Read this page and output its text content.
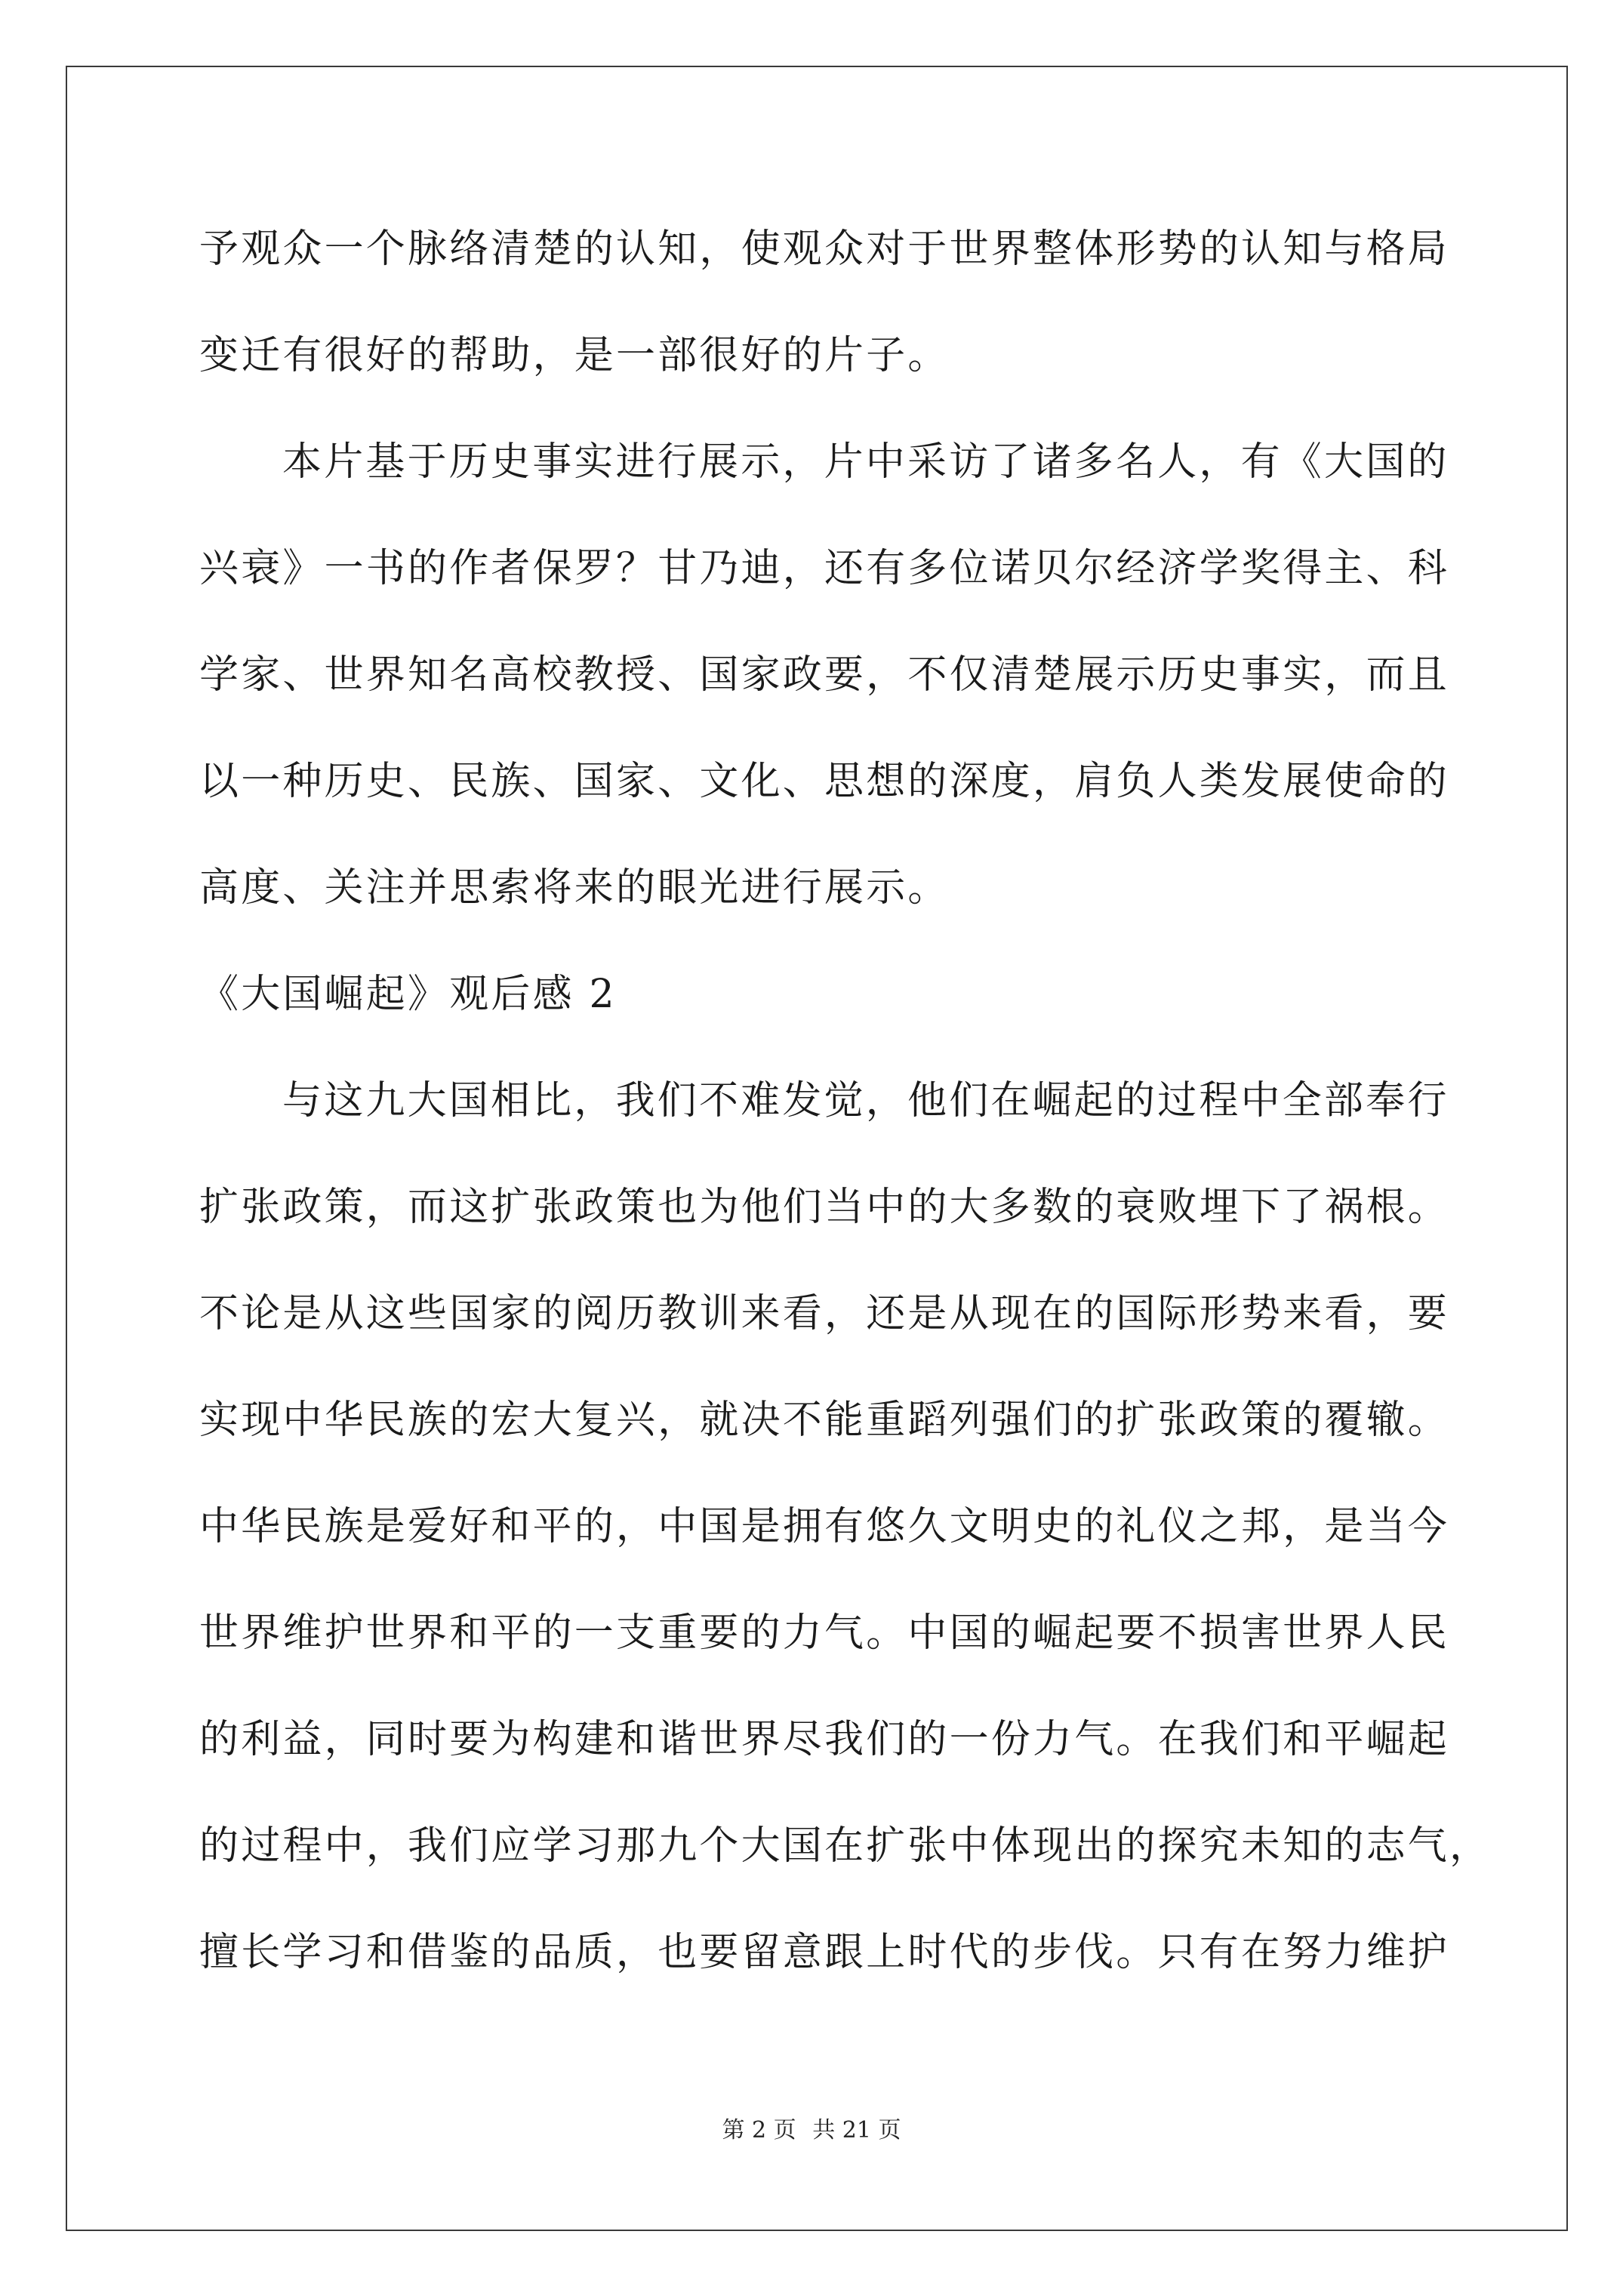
予观众一个脉络清楚的认知，使观众对于世界整体形势的认知与格局
变迁有很好的帮助，是一部很好的片子。
本片基于历史事实进行展示，片中采访了诸多名人，有《大国的
兴衰》一书的作者保罗？甘乃迪，还有多位诺贝尔经济学奖得主、科
学家、世界知名高校教授、国家政要，不仅清楚展示历史事实，而且
以一种历史、民族、国家、文化、思想的深度，肩负人类发展使命的
高度、关注并思索将来的眼光进行展示。
《大国崛起》观后感 2
与这九大国相比，我们不难发觉，他们在崛起的过程中全部奉行
扩张政策，而这扩张政策也为他们当中的大多数的衰败埋下了祸根。
不论是从这些国家的阅历教训来看，还是从现在的国际形势来看，要
实现中华民族的宏大复兴，就决不能重蹈列强们的扩张政策的覆辙。
中华民族是爱好和平的，中国是拥有悠久文明史的礼仪之邦，是当今
世界维护世界和平的一支重要的力气。中国的崛起要不损害世界人民
的利益，同时要为构建和谐世界尽我们的一份力气。在我们和平崛起
的过程中，我们应学习那九个大国在扩张中体现出的探究未知的志气，
擅长学习和借鉴的品质，也要留意跟上时代的步伐。只有在努力维护
第 2 页 共 21 页
